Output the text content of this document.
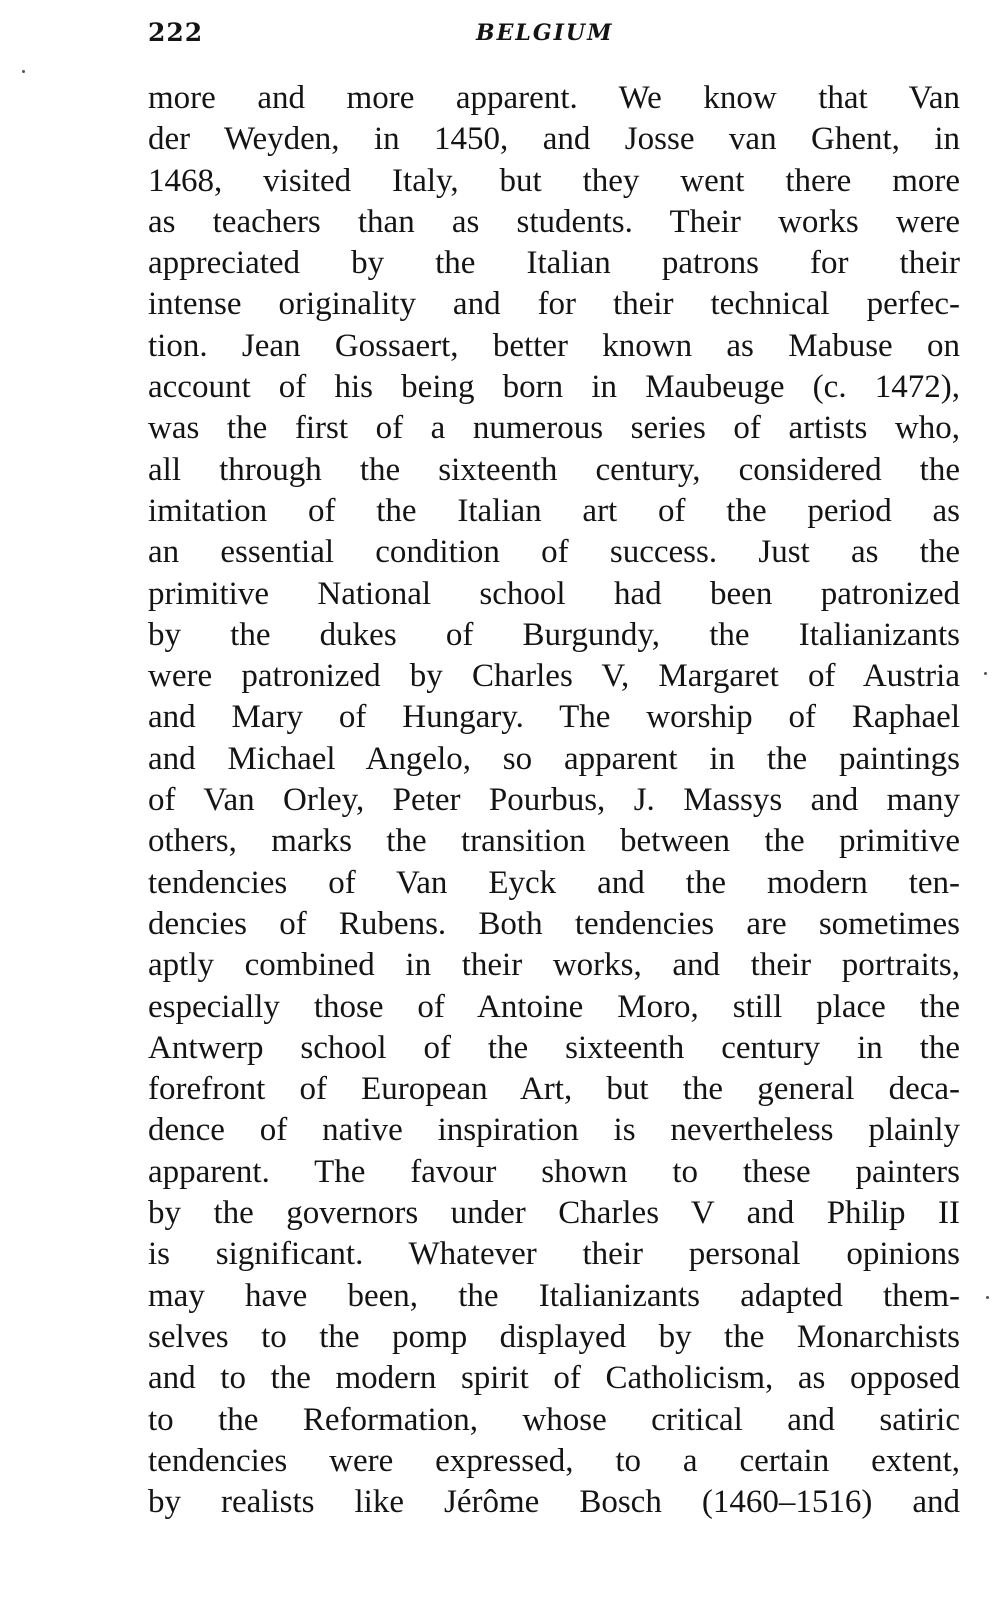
222	BELGIUM
more and more apparent. We know that Van
der Weyden, in 1450, and Josse van Ghent, in
1468, visited Italy, but they went there more
as teachers than as students. Their works were
appreciated by the Italian patrons for their
intense originality and for their technical perfec-
tion. Jean Gossaert, better known as Mabuse on
account of his being born in Maubeuge (c. 1472),
was the first of a numerous series of artists who,
all through the sixteenth century, considered the
imitation of the Italian art of the period as
an essential condition of success. Just as the
primitive National school had been patronized
by the dukes of Burgundy, the Italianizants
were patronized by Charles V, Margaret of Austria
and Mary of Hungary. The worship of Raphael
and Michael Angelo, so apparent in the paintings
of Van Orley, Peter Pourbus, J. Massys and many
others, marks the transition between the primitive
tendencies of Van Eyck and the modern ten-
dencies of Rubens. Both tendencies are sometimes
aptly combined in their works, and their portraits,
especially those of Antoine Moro, still place the
Antwerp school of the sixteenth century in the
forefront of European Art, but the general deca-
dence of native inspiration is nevertheless plainly
apparent. The favour shown to these painters
by the governors under Charles V and Philip II
is significant. Whatever their personal opinions
may have been, the Italianizants adapted them-
selves to the pomp displayed by the Monarchists
and to the modern spirit of Catholicism, as opposed
to the Reformation, whose critical and satiric
tendencies were expressed, to a certain extent,
by realists like Jérôme Bosch (1460–1516) and
